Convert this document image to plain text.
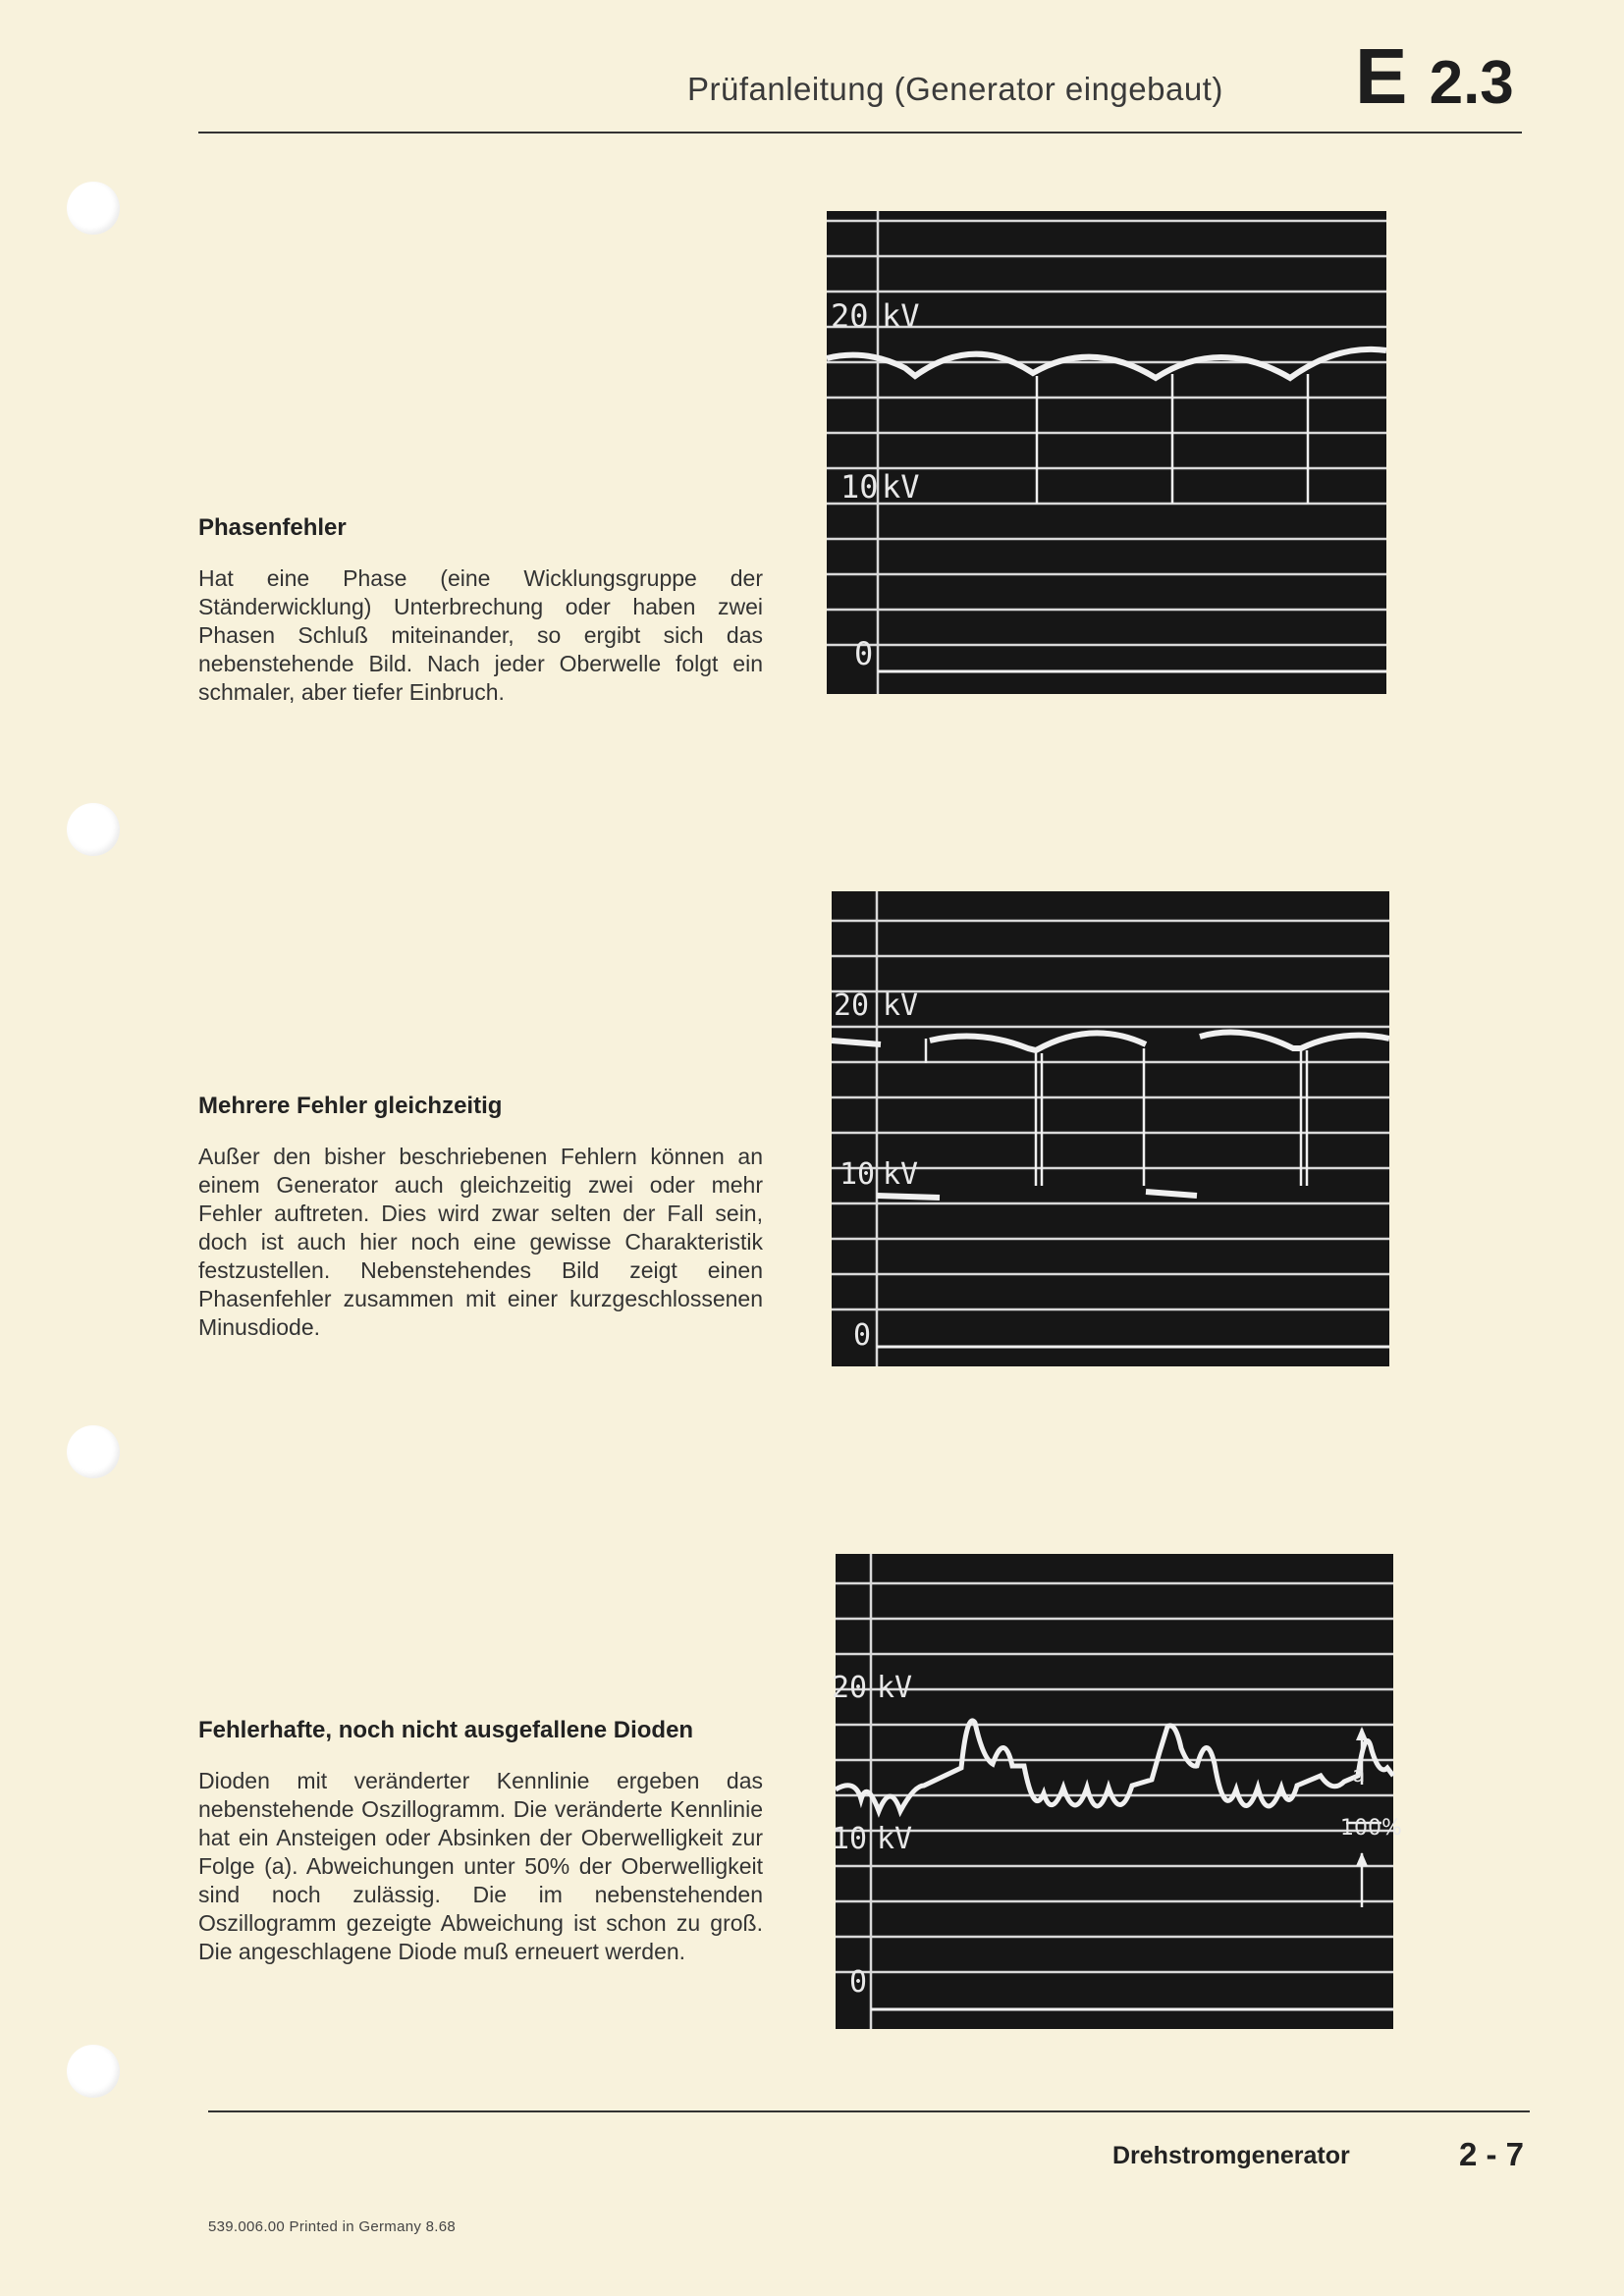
Prüfanleitung (Generator eingebaut) E 2.3
Phasenfehler

Hat eine Phase (eine Wicklungsgruppe der Ständerwicklung) Unterbrechung oder haben zwei Phasen Schluß miteinander, so ergibt sich das nebenstehende Bild. Nach jeder Oberwelle folgt ein schmaler, aber tiefer Einbruch.

Mehrere Fehler gleichzeitig

Außer den bisher beschriebenen Fehlern können an einem Generator auch gleichzeitig zwei oder mehr Fehler auftreten. Dies wird zwar selten der Fall sein, doch ist auch hier noch eine gewisse Charakteristik festzustellen. Nebenstehendes Bild zeigt einen Phasenfehler zusammen mit einer kurzgeschlossenen Minusdiode.

Fehlerhafte, noch nicht ausgefallene Dioden

Dioden mit veränderter Kennlinie ergeben das nebenstehende Oszillogramm. Die veränderte Kennlinie hat ein Ansteigen oder Absinken der Oberwelligkeit zur Folge (a). Abweichungen unter 50% der Oberwelligkeit sind noch zulässig. Die im nebenstehenden Oszillogramm gezeigte Abweichung ist schon zu groß. Die angeschlagene Diode muß erneuert werden.

20 kV
10 kV
0
20 kV
10 kV
0
20 kV
10 kV
0
a
100%
Drehstromgenerator	2 - 7
539.006.00 Printed in Germany 8.68
